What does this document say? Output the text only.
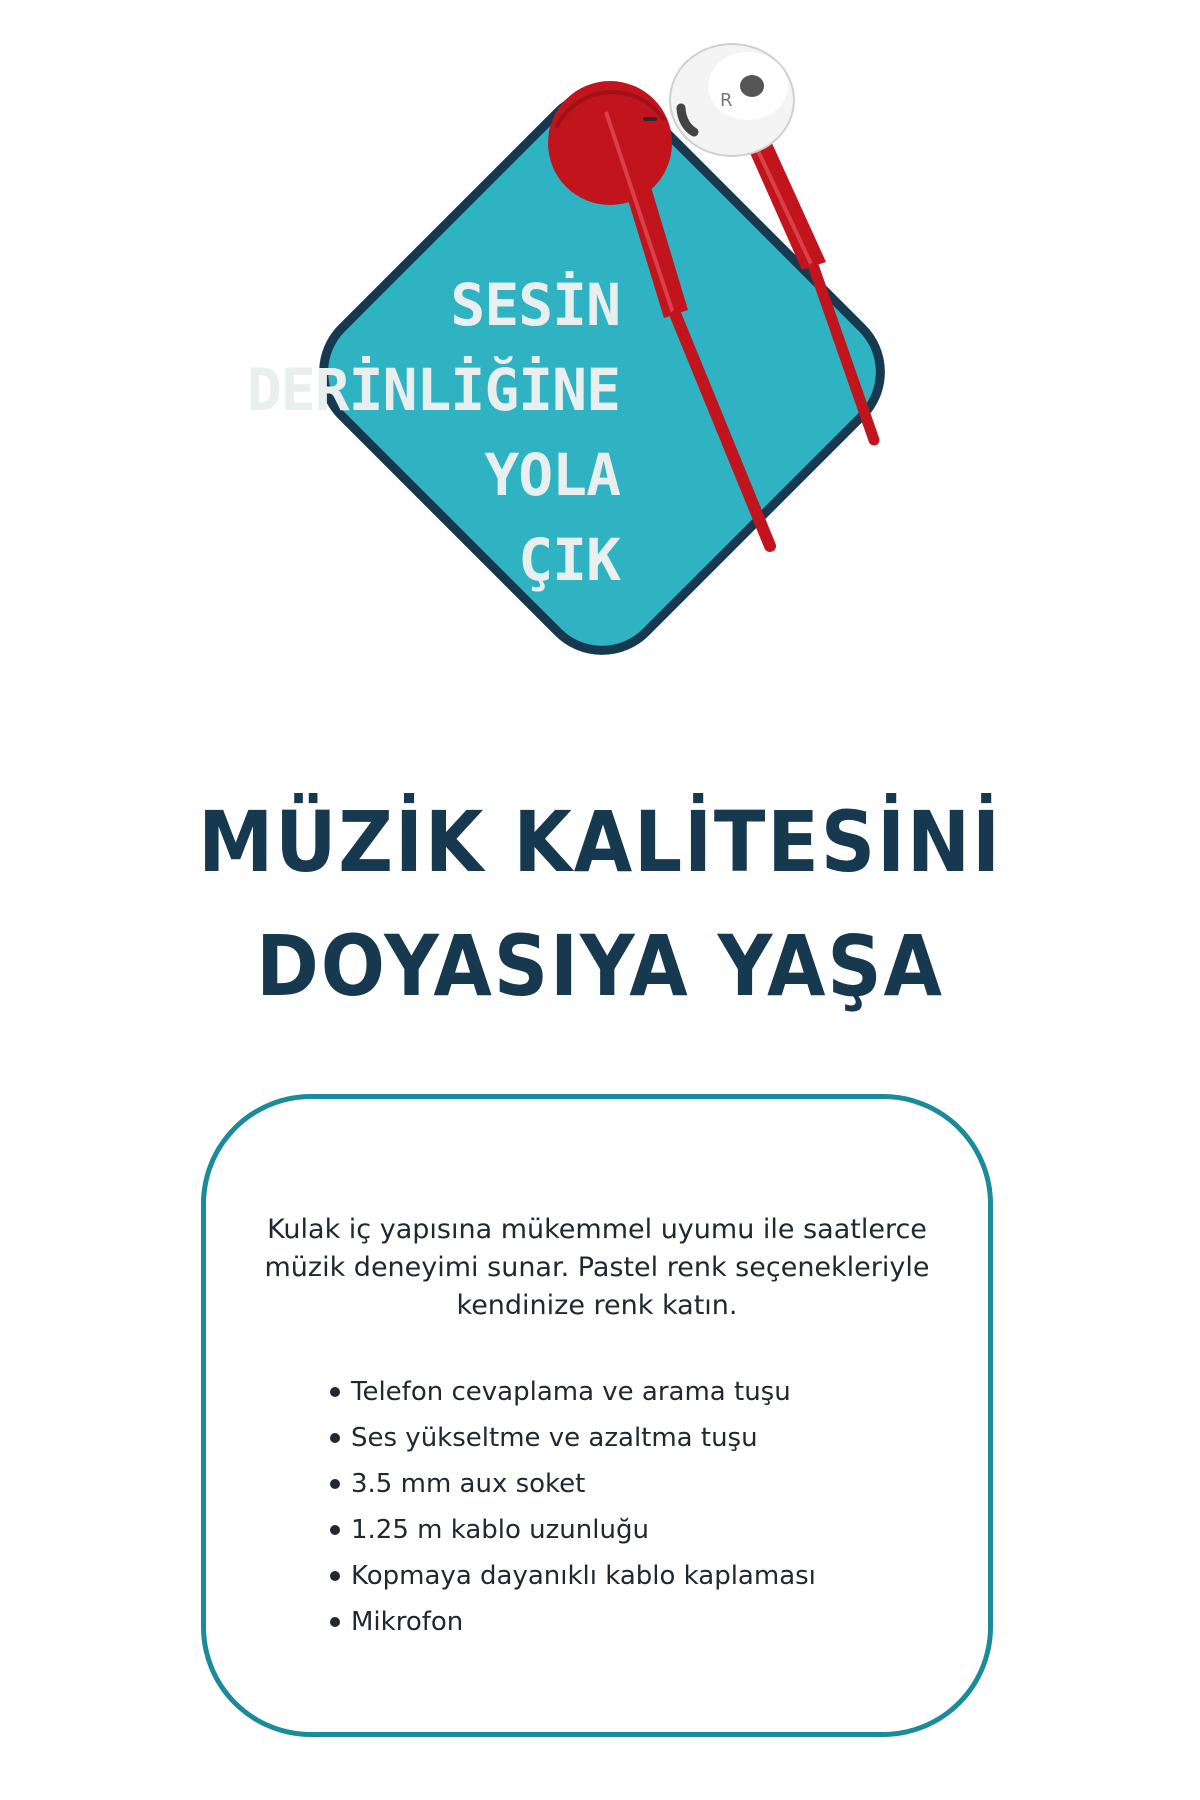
SESİN
DERİNLİĞİNE
YOLA
ÇIK
R
MÜZİK KALİTESİNİ
DOYASIYA YAŞA
Kulak iç yapısına mükemmel uyumu ile saatlerce
müzik deneyimi sunar. Pastel renk seçenekleriyle
kendinize renk katın.
Telefon cevaplama ve arama tuşu
Ses yükseltme ve azaltma tuşu
3.5 mm aux soket
1.25 m kablo uzunluğu
Kopmaya dayanıklı kablo kaplaması
Mikrofon
